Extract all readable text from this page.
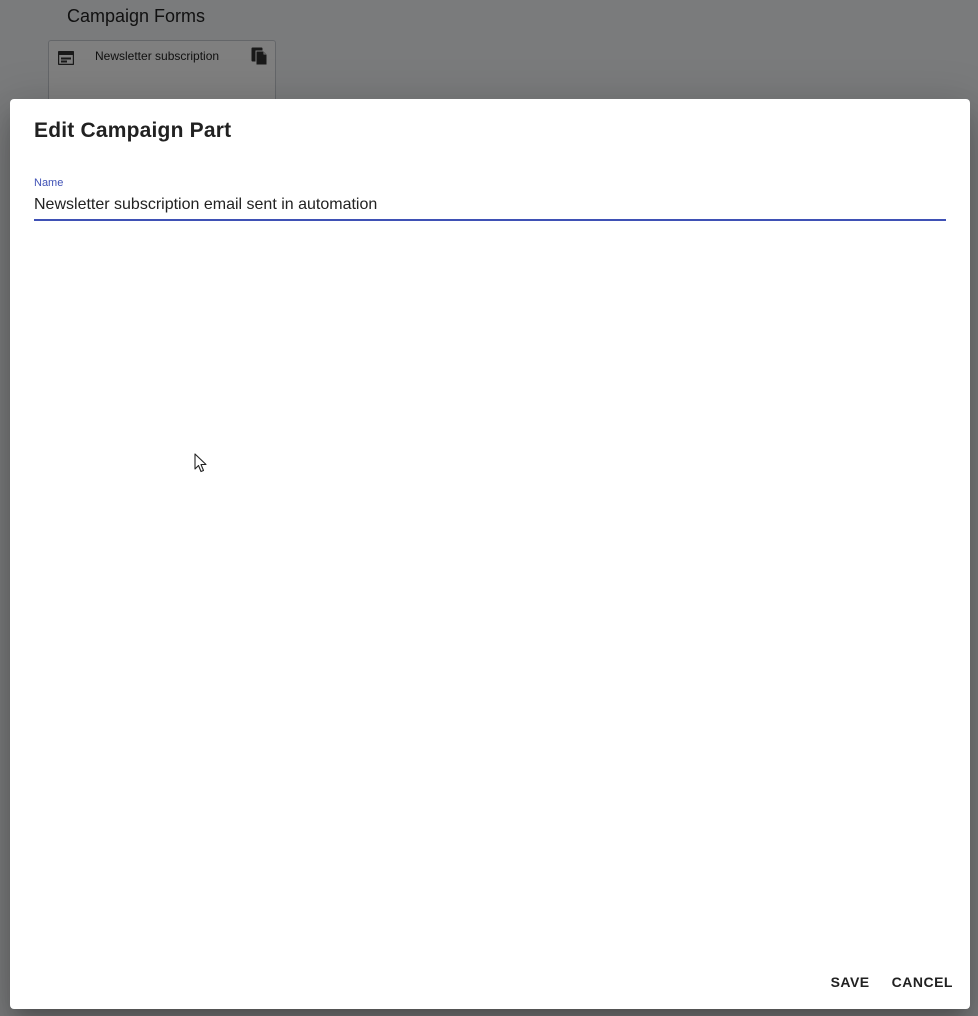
Edit Campaign Part
Name
Newsletter subscription email sent in automation
SAVE	CANCEL
